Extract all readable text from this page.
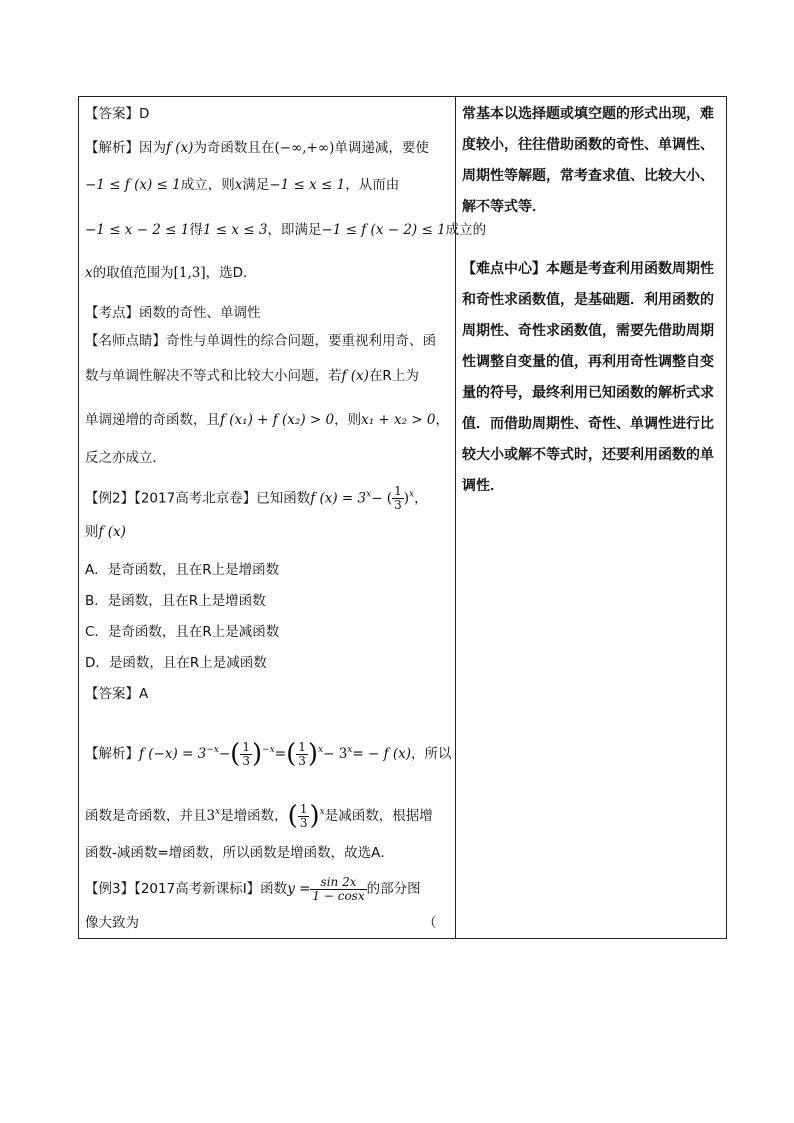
【答案】D
【解析】因为f (x)为奇函数且在(−∞,+∞)单调递减，要使
−1 ≤ f (x) ≤ 1成立，则x满足−1 ≤ x ≤ 1，从而由
−1 ≤ x − 2 ≤ 1得1 ≤ x ≤ 3，即满足−1 ≤ f (x − 2) ≤ 1成立的
x的取值范围为[1,3]，选D．
【考点】函数的奇性、单调性
【名师点睛】奇性与单调性的综合问题，要重视利用奇、函
数与单调性解决不等式和比较大小问题，若f (x)在R上为
单调递增的奇函数，且f (x₁) + f (x₂) > 0，则x₁ + x₂ > 0，
反之亦成立．
【例2】【2017高考北京卷】已知函数f $(x) = 3^x-$ ( $\frac{1}{3} )^x$，
则f (x)
A．是奇函数，且在R上是增函数
B．是函数，且在R上是增函数
C．是奇函数，且在R上是减函数
D．是函数，且在R上是减函数
【答案】A
【解析】f $(-x) = 3^{-x}-( \frac{1}{3} )^{-x}=( \frac{1}{3} )^x- 3^x= - f$ (x)，所以
函数是奇函数，并且3$^x$是增函数，( $\frac{1}{3} )^x$是减函数，根据增
函数-减函数=增函数，所以函数是增函数，故选A．
【例3】【2017高考新课标I】函数$y = \frac{\sin 2x}{1 - \cos x}$ 的部分图
像大致为	（
常基本以选择题或填空题的形式出现，难
度较小，往往借助函数的奇性、单调性、
周期性等解题，常考查求值、比较大小、
解不等式等．
【难点中心】本题是考查利用函数周期性
和奇性求函数值，是基础题．利用函数的
周期性、奇性求函数值，需要先借助周期
性调整自变量的值，再利用奇性调整自变
量的符号，最终利用已知函数的解析式求
值．而借助周期性、奇性、单调性进行比
较大小或解不等式时，还要利用函数的单
调性．
